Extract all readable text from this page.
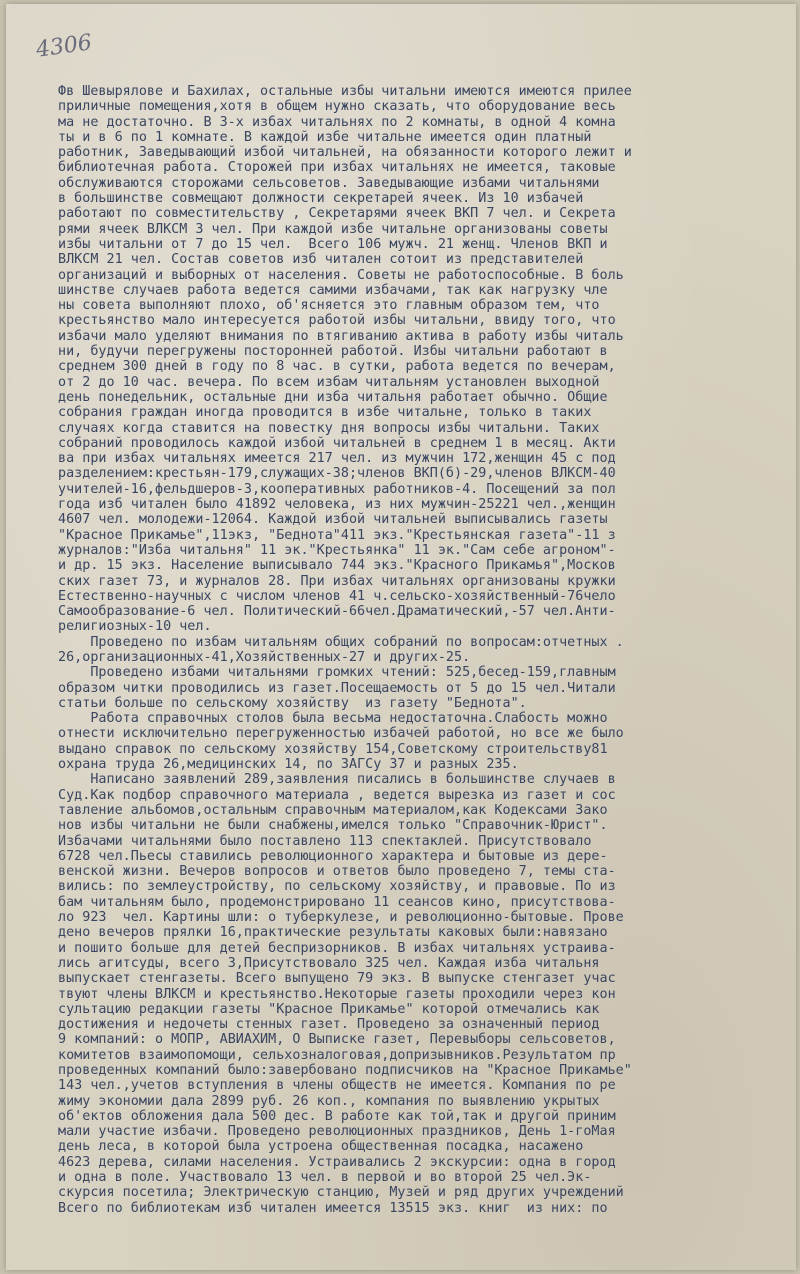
4306
Фв Шевырялове и Бахилах, остальные избы читальни имеются имеются прилее
приличные помещения,хотя в общем нужно сказать, что оборудование весь
ма не достаточно. В 3-х избах читальнях по 2 комнаты, в одной 4 комна
ты и в 6 по 1 комнате. В каждой избе читальне имеется один платный
работник, Заведывающий избой читальней, на обязанности которого лежит и
библиотечная работа. Сторожей при избах читальнях не имеется, таковые
обслуживаются сторожами сельсоветов. Заведывающие избами читальнями
в большинстве совмещают должности секретарей ячеек. Из 10 избачей
работают по совместительству , Секретарями ячеек ВКП 7 чел. и Секрета
рями ячеек ВЛКСМ 3 чел. При каждой избе читальне организованы советы
избы читальни от 7 до 15 чел.  Всего 106 мужч. 21 женщ. Членов ВКП и
ВЛКСМ 21 чел. Состав советов изб читален сотоит из представителей
организаций и выборных от населения. Советы не работоспособные. В боль
шинстве случаев работа ведется самими избачами, так как нагрузку чле
ны совета выполняют плохо, об'ясняется это главным образом тем, что
крестьянство мало интересуется работой избы читальни, ввиду того, что
избачи мало уделяют внимания по втягиванию актива в работу избы читаль
ни, будучи перегружены посторонней работой. Избы читальни работают в
среднем 300 дней в году по 8 час. в сутки, работа ведется по вечерам,
от 2 до 10 час. вечера. По всем избам читальням установлен выходной
день понедельник, остальные дни изба читальня работает обычно. Общие
собрания граждан иногда проводится в избе читальне, только в таких
случаях когда ставится на повестку дня вопросы избы читальни. Таких
собраний проводилось каждой избой читальней в среднем 1 в месяц. Акти
ва при избах читальнях имеется 217 чел. из мужчин 172,женщин 45 с под
разделением:крестьян-179,служащих-38;членов ВКП(б)-29,членов ВЛКСМ-40
учителей-16,фельдшеров-3,кооперативных работников-4. Посещений за пол
года изб читален было 41892 человека, из них мужчин-25221 чел.,женщин
4607 чел. молодежи-12064. Каждой избой читальней выписывались газеты
"Красное Прикамье",11экз, "Беднота"411 экз."Крестьянская газета"-11 з
журналов:"Изба читальня" 11 эк."Крестьянка" 11 эк."Сам себе агроном"-
и др. 15 экз. Население выписывало 744 экз."Красного Прикамья",Москов
ских газет 73, и журналов 28. При избах читальнях организованы кружки
Естественно-научных с числом членов 41 ч.сельско-хозяйственный-76чело
Самообразование-6 чел. Политический-66чел.Драматический,-57 чел.Анти-
религиозных-10 чел.
Проведено по избам читальням общих собраний по вопросам:отчетных .
26,организационных-41,Хозяйственных-27 и других-25.
Проведено избами читальнями громких чтений: 525,бесед-159,главным
образом читки проводились из газет.Посещаемость от 5 до 15 чел.Читали
статьи больше по сельскому хозяйству  из газету "Беднота".
Работа справочных столов была весьма недостаточна.Слабость можно
отнести исключительно перегруженностью избачей работой, но все же было
выдано справок по сельскому хозяйству 154,Советскому строительству81
охрана труда 26,медицинских 14, по ЗАГСу 37 и разных 235.
Написано заявлений 289,заявления писались в большинстве случаев в
Суд.Как подбор справочного материала , ведется вырезка из газет и сос
тавление альбомов,остальным справочным материалом,как Кодексами Зако
нов избы читальни не были снабжены,имелся только "Справочник-Юрист".
Избачами читальнями было поставлено 113 спектаклей. Присутствовало
6728 чел.Пьесы ставились революционного характера и бытовые из дере-
венской жизни. Вечеров вопросов и ответов было проведено 7, темы ста-
вились: по землеустройству, по сельскому хозяйству, и правовые. По из
бам читальням было, продемонстрировано 11 сеансов кино, присутствова-
ло 923  чел. Картины шли: о туберкулезе, и революционно-бытовые. Прове
дено вечеров прялки 16,практические результаты каковых были:навязано
и пошито больше для детей беспризорников. В избах читальнях устраива-
лись агитсуды, всего 3,Присутствовало 325 чел. Каждая изба читальня
выпускает стенгазеты. Всего выпущено 79 экз. В выпуске стенгазет учас
твуют члены ВЛКСМ и крестьянство.Некоторые газеты проходили через кон
сультацию редакции газеты "Красное Прикамье" которой отмечались как
достижения и недочеты стенных газет. Проведено за означенный период
9 компаний: о МОПР, АВИАХИМ, О Выписке газет, Перевыборы сельсоветов,
комитетов взаимопомощи, сельхозналоговая,допризывников.Результатом пр
проведенных компаний было:завербовано подписчиков на "Красное Прикамье"
143 чел.,учетов вступления в члены обществ не имеется. Компания по ре
жиму экономии дала 2899 руб. 26 коп., компания по выявлению укрытых
об'ектов обложения дала 500 дес. В работе как той,так и другой приним
мали участие избачи. Проведено революционных праздников, День 1-гоМая
день леса, в которой была устроена общественная посадка, насажено
4623 дерева, силами населения. Устраивались 2 экскурсии: одна в город
и одна в поле. Участвовало 13 чел. в первой и во второй 25 чел.Эк-
скурсия посетила; Электрическую станцию, Музей и ряд других учреждений
Всего по библиотекам изб читален имеется 13515 экз. книг  из них: по
